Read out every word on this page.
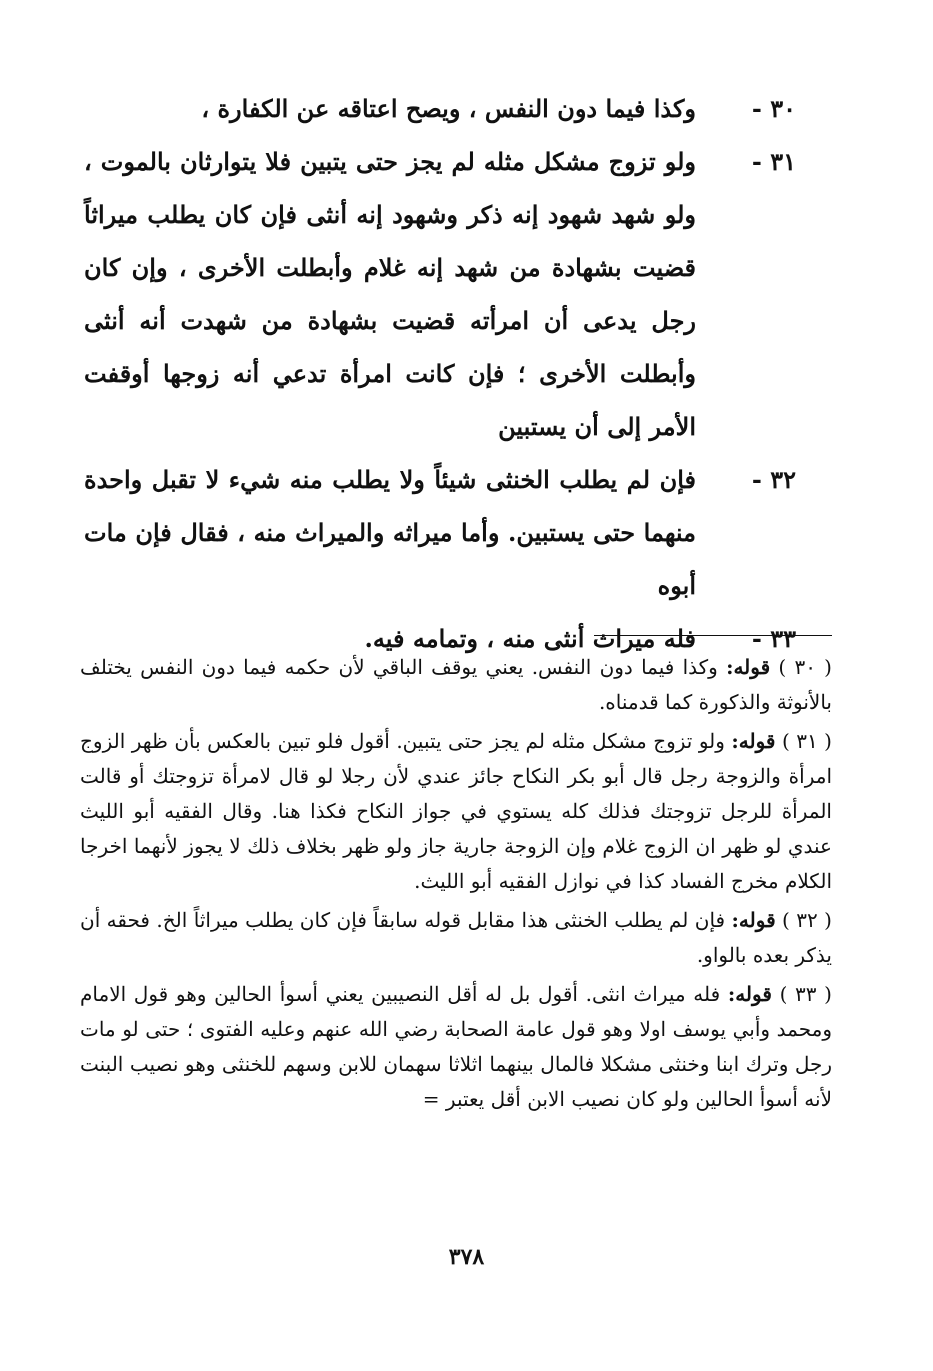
٣٠ -

وكذا فيما دون النفس ، ويصح اعتاقه عن الكفارة ،

٣١ -

ولو تزوج مشكل مثله لم يجز حتى يتبين فلا يتوارثان بالموت ، ولو شهد شهود إنه ذكر وشهود إنه أنثى فإن كان يطلب ميراثاً قضيت بشهادة من شهد إنه غلام وأبطلت الأخرى ، وإن كان رجل يدعى أن امرأته قضيت بشهادة من شهدت أنه أنثى وأبطلت الأخرى ؛ فإن كانت امرأة تدعي أنه زوجها أوقفت الأمر إلى أن يستبين

٣٢ -

فإن لم يطلب الخنثى شيئاً ولا يطلب منه شيء لا تقبل واحدة منهما حتى يستبين. وأما ميراثه والميراث منه ، فقال فإن مات أبوه

٣٣ -

فله ميراث أنثى منه ، وتمامه فيه.

( ٣٠ ) قوله: وكذا فيما دون النفس. يعني يوقف الباقي لأن حكمه فيما دون النفس يختلف بالأنوثة والذكورة كما قدمناه.

( ٣١ ) قوله: ولو تزوج مشكل مثله لم يجز حتى يتبين. أقول فلو تبين بالعكس بأن ظهر الزوج امرأة والزوجة رجل قال أبو بكر النكاح جائز عندي لأن رجلا لو قال لامرأة تزوجتك أو قالت المرأة للرجل تزوجتك فذلك كله يستوي في جواز النكاح فكذا هنا. وقال الفقيه أبو الليث عندي لو ظهر ان الزوج غلام وإن الزوجة جارية جاز ولو ظهر بخلاف ذلك لا يجوز لأنهما اخرجا الكلام مخرج الفساد كذا في نوازل الفقيه أبو الليث.

( ٣٢ ) قوله: فإن لم يطلب الخنثى هذا مقابل قوله سابقاً فإن كان يطلب ميراثاً الخ. فحقه أن يذكر بعده بالواو.

( ٣٣ ) قوله: فله ميراث انثى. أقول بل له أقل النصيبين يعني أسوأ الحالين وهو قول الامام ومحمد وأبي يوسف اولا وهو قول عامة الصحابة رضي الله عنهم وعليه الفتوى ؛ حتى لو مات رجل وترك ابنا وخنثى مشكلا فالمال بينهما اثلاثا سهمان للابن وسهم للخنثى وهو نصيب البنت لأنه أسوأ الحالين ولو كان نصيب الابن أقل يعتبر =

٣٧٨
